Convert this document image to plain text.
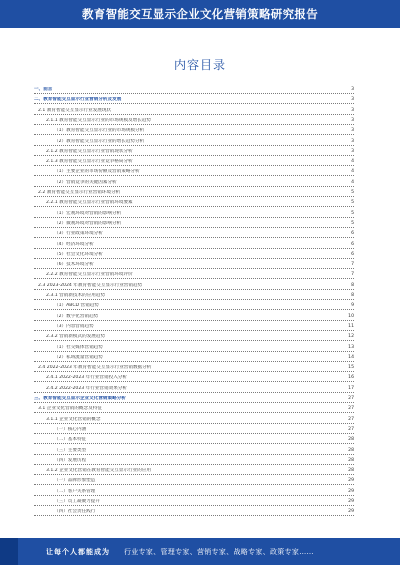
教育智能交互显示企业文化营销策略研究报告
内容目录
一、前言	3
二、教育智能交互显示行业营销分析及发展	3
2.1 教育智能交互显示行业发展现状	3
2.1.1 教育智能交互显示行业的市场规模及增长趋势	3
（1）教育智能交互显示行业的市场规模分析	3
（2）教育智能交互显示行业的增长趋势分析	3
2.1.2 教育智能交互显示行业营销现状分析	3
2.1.3 教育智能交互显示行业竞争格局分析	4
（1）主要企业的市场份额及营销策略分析	4
（2）营销竞争的关键因素分析	4
2.2 教育智能交互显示行业营销环境分析	5
2.2.1 教育智能交互显示行业营销环境要素	5
（1）宏观环境对营销的影响分析	5
（2）微观环境对营销的影响分析	5
（3）行业政策环境分析	6
（4）经济环境分析	6
（5）社会文化环境分析	6
（6）技术环境分析	7
2.2.2 教育智能交互显示行业营销环境评价	7
2.3 2023-2024 年教育智能交互显示行业营销趋势	8
2.3.1 营销新技术的应用趋势	8
（1）ABCD 营销趋势	9
（2）数字化营销趋势	10
（3）内容营销趋势	11
2.3.2 营销新模式的发展趋势	12
（1）社交媒体营销趋势	13
（2）私域流量营销趋势	14
2.4 2022-2023 年教育智能交互显示行业营销数据分析	15
2.4.1 2022-2023 年行业营销投入分析	16
2.4.2 2022-2023 年行业营销效果分析	17
三、教育智能交互显示企业文化营销策略分析	27
3.1 企业文化营销的概念及特征	27
3.1.1 企业文化营销的概念	27
（一）核心内涵	27
（二）基本特征	28
（三）主要类型	28
（四）发展历程	28
3.1.2 企业文化营销在教育智能交互显示行业的应用	28
（一）品牌形象塑造	29
（二）客户关系管理	29
（三）员工凝聚力提升	29
（四）社会责任践行	29
让每个人都能成为 行业专家、管理专家、营销专家、战略专家、政策专家……
